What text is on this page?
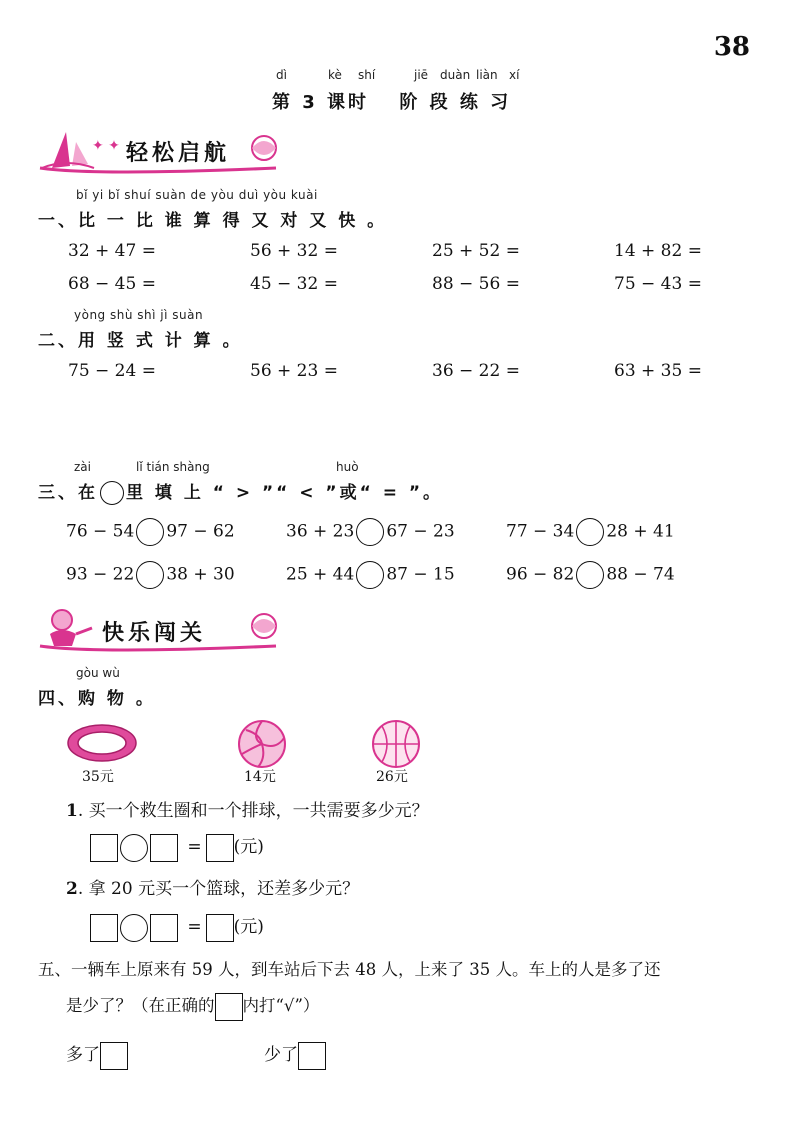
38
dì	kè shí	jiē duàn liàn xí
第 3 课时　 阶 段 练 习
✦ ✦ 轻松启航
bǐ yi bǐ shuí suàn de yòu duì yòu kuài
一、比 一 比 谁 算 得 又 对 又 快 。
32 + 47 =	56 + 32 =	25 + 52 =	14 + 82 =
68 − 45 =	45 − 32 =	88 − 56 =	75 − 43 =
yòng shù shì jì suàn
二、用 竖 式 计 算 。
75 − 24 =	56 + 23 =	36 − 22 =	63 + 35 =
zài	lǐ tián shàng	huò
三、在 里 填 上 “ > ”“ < ”或“ = ”。
76 − 54 97 − 62	36 + 23 67 − 23	77 − 34 28 + 41
93 − 22 38 + 30	25 + 44 87 − 15	96 − 82 88 − 74
快乐闯关
gòu wù
四、购 物 。
35元	14元	26元
1. 买一个救生圈和一个排球，一共需要多少元？
= (元)
2. 拿 20 元买一个篮球，还差多少元？
= (元)
五、一辆车上原来有 59 人，到车站后下去 48 人，上来了 35 人。车上的人是多了还
是少了？（在正确的 内打“√”）
多了	少了
